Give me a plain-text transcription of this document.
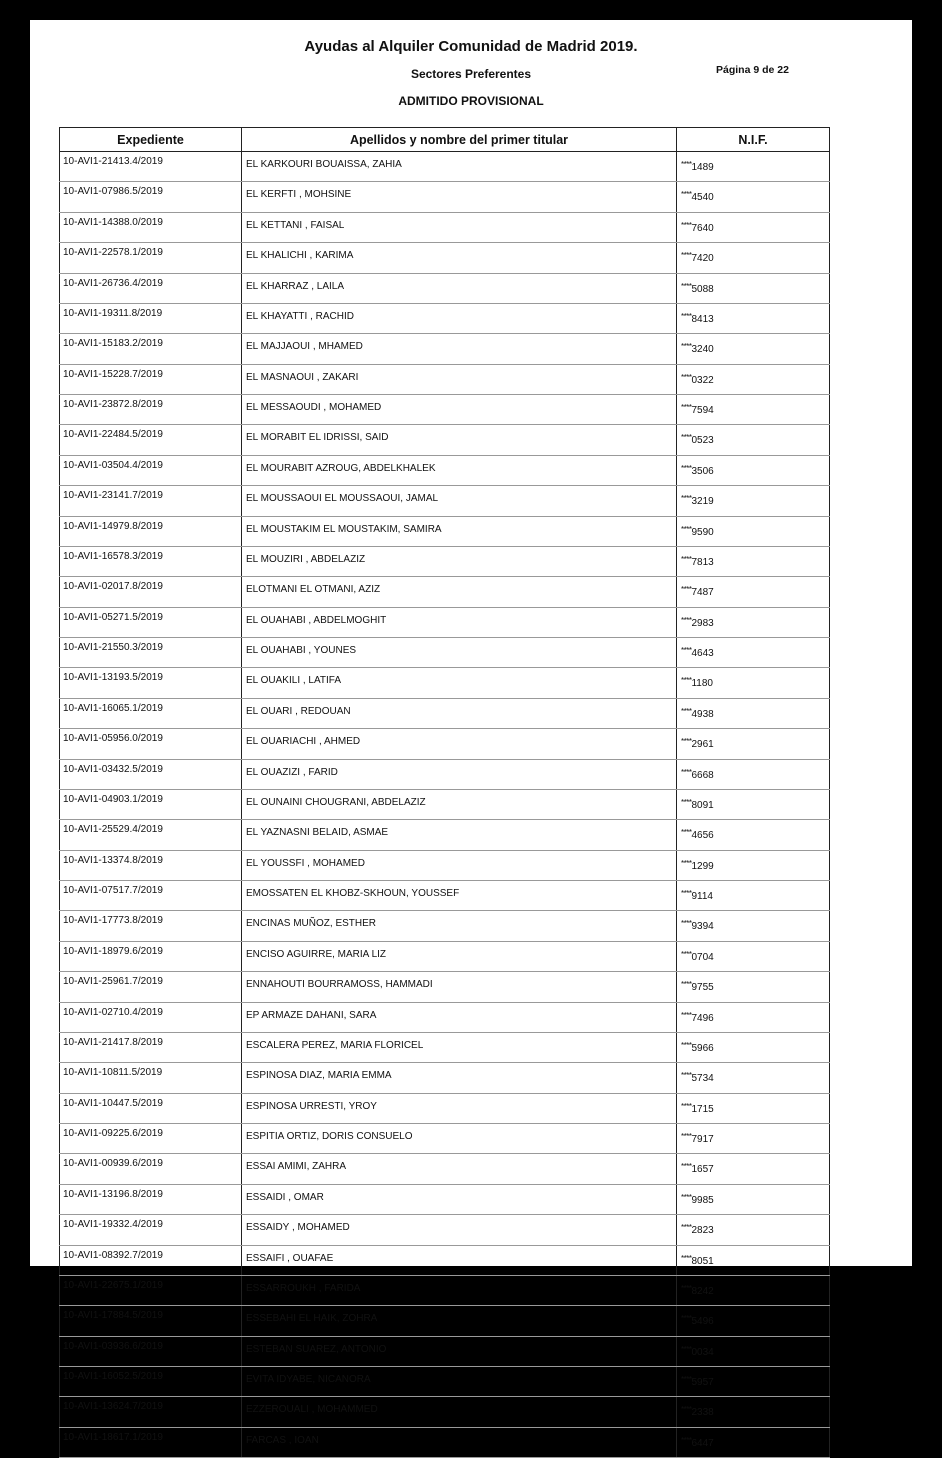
Ayudas al Alquiler Comunidad de Madrid 2019.
Sectores Preferentes
ADMITIDO PROVISIONAL
Página 9 de 22
Expediente	Apellidos y nombre del primer titular	N.I.F.
10-AVI1-21413.4/2019	EL KARKOURI BOUAISSA, ZAHIA	****1489
10-AVI1-07986.5/2019	EL KERFTI , MOHSINE	****4540
10-AVI1-14388.0/2019	EL KETTANI , FAISAL	****7640
10-AVI1-22578.1/2019	EL KHALICHI , KARIMA	****7420
10-AVI1-26736.4/2019	EL KHARRAZ , LAILA	****5088
10-AVI1-19311.8/2019	EL KHAYATTI , RACHID	****8413
10-AVI1-15183.2/2019	EL MAJJAOUI , MHAMED	****3240
10-AVI1-15228.7/2019	EL MASNAOUI , ZAKARI	****0322
10-AVI1-23872.8/2019	EL MESSAOUDI , MOHAMED	****7594
10-AVI1-22484.5/2019	EL MORABIT EL IDRISSI, SAID	****0523
10-AVI1-03504.4/2019	EL MOURABIT AZROUG, ABDELKHALEK	****3506
10-AVI1-23141.7/2019	EL MOUSSAOUI EL MOUSSAOUI, JAMAL	****3219
10-AVI1-14979.8/2019	EL MOUSTAKIM EL MOUSTAKIM, SAMIRA	****9590
10-AVI1-16578.3/2019	EL MOUZIRI , ABDELAZIZ	****7813
10-AVI1-02017.8/2019	ELOTMANI EL OTMANI, AZIZ	****7487
10-AVI1-05271.5/2019	EL OUAHABI , ABDELMOGHIT	****2983
10-AVI1-21550.3/2019	EL OUAHABI , YOUNES	****4643
10-AVI1-13193.5/2019	EL OUAKILI , LATIFA	****1180
10-AVI1-16065.1/2019	EL OUARI , REDOUAN	****4938
10-AVI1-05956.0/2019	EL OUARIACHI , AHMED	****2961
10-AVI1-03432.5/2019	EL OUAZIZI , FARID	****6668
10-AVI1-04903.1/2019	EL OUNAINI CHOUGRANI, ABDELAZIZ	****8091
10-AVI1-25529.4/2019	EL YAZNASNI BELAID, ASMAE	****4656
10-AVI1-13374.8/2019	EL YOUSSFI , MOHAMED	****1299
10-AVI1-07517.7/2019	EMOSSATEN EL KHOBZ-SKHOUN, YOUSSEF	****9114
10-AVI1-17773.8/2019	ENCINAS MUÑOZ, ESTHER	****9394
10-AVI1-18979.6/2019	ENCISO AGUIRRE, MARIA LIZ	****0704
10-AVI1-25961.7/2019	ENNAHOUTI BOURRAMOSS, HAMMADI	****9755
10-AVI1-02710.4/2019	EP ARMAZE DAHANI, SARA	****7496
10-AVI1-21417.8/2019	ESCALERA PEREZ, MARIA FLORICEL	****5966
10-AVI1-10811.5/2019	ESPINOSA DIAZ, MARIA EMMA	****5734
10-AVI1-10447.5/2019	ESPINOSA URRESTI, YROY	****1715
10-AVI1-09225.6/2019	ESPITIA ORTIZ, DORIS CONSUELO	****7917
10-AVI1-00939.6/2019	ESSAI AMIMI, ZAHRA	****1657
10-AVI1-13196.8/2019	ESSAIDI , OMAR	****9985
10-AVI1-19332.4/2019	ESSAIDY , MOHAMED	****2823
10-AVI1-08392.7/2019	ESSAIFI , OUAFAE	****8051
10-AVI1-22675.1/2019	ESSARROUKH , FARIDA	****8242
10-AVI1-17884.5/2019	ESSEBAHI EL HAIK, ZOHRA	****5496
10-AVI1-03936.6/2019	ESTEBAN SUAREZ, ANTONIO	****0034
10-AVI1-16052.5/2019	EVITA IDYABE, NICANORA	****5957
10-AVI1-13624.7/2019	EZZEROUALI , MOHAMMED	****2338
10-AVI1-18617.1/2019	FARCAS , IOAN	****6447
